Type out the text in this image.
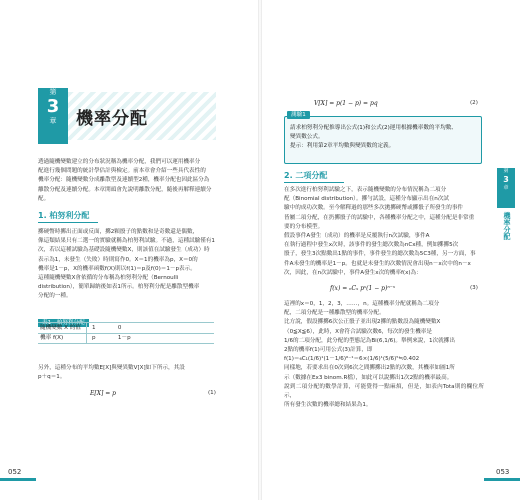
第
3
章	機率分配
透過隨機變數建立的分布狀況稱為機率分配，我們可以運用機率分
配進行幾個問題的統計學估計與檢定。前本章會介紹一些具代表性的
機率分配：隨機變數分成離散型及連續型2種，機率分配也因此區分為
離散分配及連續分配。本章開頭會先說明離散分配，隨後再解釋連續分
配。
1. 柏努利分配
擲硬幣時擲出正面或反面，擲2顆骰子的點數和是奇數還是偶數，
像這類結果只有二選一的實驗就稱為柏努利試驗。不過，這種試驗僅有1
次，若以這種試驗為基礎設隨機變數X，則該值在試驗發生（成功）時
表示為1，未發生（失敗）時則寫作0。X＝1的機率為p，X＝0的
機率是1－p，X的機率函數f(X)則以f(1)＝p及f(0)＝1－p表示。
這種隨機變數X會依循的分布稱為柏努利分配（Bernoulli
distribution），簡單歸納後如表1所示。柏努利分配是離散型機率
分配的一種。
表1　柏努利分配
隨機變數 X 的值	1　　　　0
機率 f(X)	p　　　　1－p
另外，這種分布的平均數E[X]與變異數V[X]如下所示，其設
p＋q＝1。
E[X] = p	(1)
052
V[X] = p(1 − p) = pq	(2)
測驗1
請求柏努利分配推導出公式(1)和公式(2)運用根據機率數的平均數、
變異數公式。
提示：利用第2章平均數與變異數的定義。
2. 二項分配
在多次進行柏努利試驗之下，表示隨機變數的分布情況稱為二項分
配（Binomial distribution）。擲勻試設，這種分布顯示出在n次試
驗中的成功次數。至今解釋過的那些多次拋擲硬幣或擲骰子所發生的事件
皆屬二項分配，在扔擲骰子的試驗中，各種機率分配之中，這種分配是非常重
要的分布模型。
假設事件A發生（成功）的機率是反覆執行n次試驗，事件A
在執行過程中發生x次時，該事件的發生總次數為nCx種，例如擲擲5次
骰子，發生3次點數出1點的事件，事件發生的總次數為5C3種，另一方面，事
件A未發生的機率是1－p。也就是未發生的次數情況會出現n－x次中的n－x
次，因此，在n次試驗中，事件A發生x次的機率f(x)為：
f(x) = ₙCₓ pˣ(1 − p)ⁿ⁻ˣ	(3)
這裡的x＝0，1，2，3，……，n。這種機率分配就稱為二項分
配，二項分配是一種離散型的機率分配。
比方說，假設擲擲6次公正骰子並出現2擲的點數設為隨機變數X
（0≦X≦6），此時，X會符合試驗次數6，每次的發生機率是
1/6的二項分配，此分配的型態記為Bi(6,1/6)。舉例來說，1次就擲出
2點的機率f(1)可用公式(3)計算，即
f(1)＝₆C₁(1/6)¹(1－1/6)⁶⁻¹＝6×(1/6)¹(5/6)⁵≒0.402
同樣地，若要求出在0次到6次之間擲擲出2點的次數，其機率如圖1所
示（數據在Ex3 binom.R檔），如此可以說擲出1次2點的機率最高。
說到二項分配的數學計算，可能覺得一點麻煩，但是，如表內Tota則的欄位所示，
所有發生次數的機率總和結果為1。
第
3
章
機率分配
053
